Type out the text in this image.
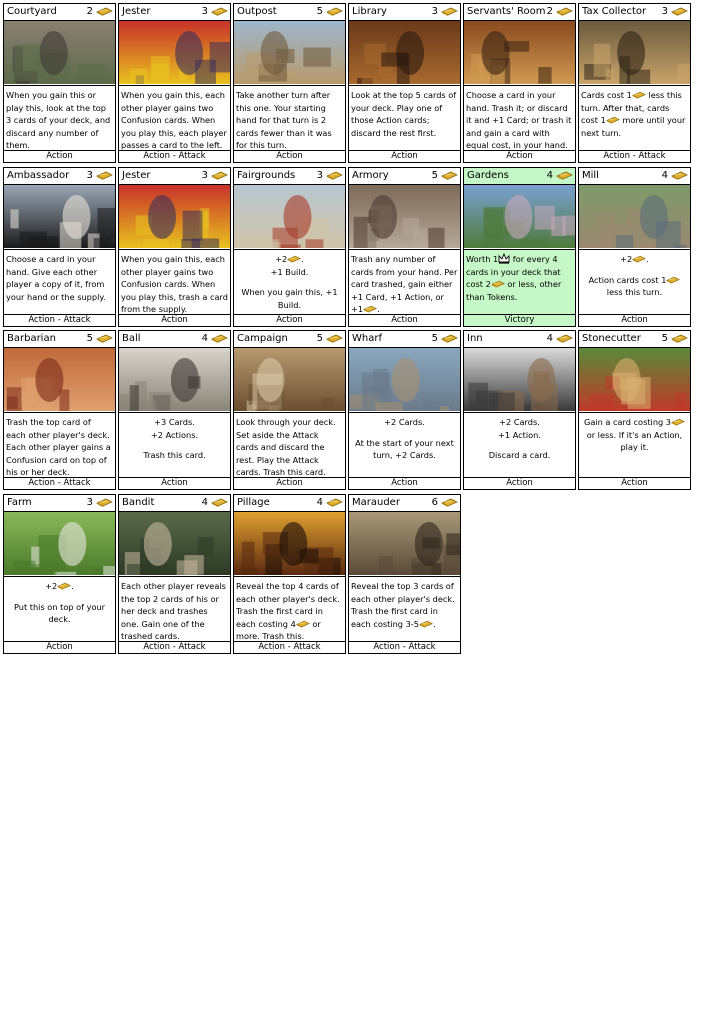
Courtyard	2

When you gain this or play this, look at the top 3 cards of your deck, and discard any number of them.

Action
Jester	3

When you gain this, each other player gains two Confusion cards. When you play this, each player passes a card to the left.

Action - Attack
Outpost	5

Take another turn after this one. Your starting hand for that turn is 2 cards fewer than it was for this turn.

Action
Library	3

Look at the top 5 cards of your deck. Play one of those Action cards; discard the rest first.

Action
Servants' Room 2

Choose a card in your hand. Trash it; or discard it and +1 Card; or trash it and gain a card with equal cost, in your hand.

Action
Tax Collector 3

Cards cost 1 less this turn. After that, cards cost 1 more until your next turn.

Action - Attack
Ambassador 3

Choose a card in your hand. Give each other player a copy of it, from your hand or the supply.

Action - Attack
Jester	3

When you gain this, each other player gains two Confusion cards. When you play this, trash a card from the supply.

Action
Fairgrounds 3

+2 .

+1 Build.

When you gain this, +1 Build.

Action
Armory	5

Trash any number of cards from your hand. Per card trashed, gain either +1 Card, +1 Action, or +1 .

Action
Gardens	4

Worth 1 for every 4 cards in your deck that cost 2 or less, other than Tokens.

Victory
Mill	4

+2 .

Action cards cost 1 less this turn.

Action
Barbarian	5

Trash the top card of each other player's deck. Each other player gains a Confusion card on top of his or her deck.

Action - Attack
Ball	4

+3 Cards.

+2 Actions.

Trash this card.

Action
Campaign	5

Look through your deck. Set aside the Attack cards and discard the rest. Play the Attack cards. Trash this card.

Action
Wharf	5

+2 Cards.

At the start of your next turn, +2 Cards.

Action
Inn	4

+2 Cards.

+1 Action.

Discard a card.

Action
Stonecutter 5

Gain a card costing 3 or less. If it's an Action, play it.

Action
Farm	3

+2 .

Put this on top of your deck.

Action
Bandit	4

Each other player reveals the top 2 cards of his or her deck and trashes one. Gain one of the trashed cards.

Action - Attack
Pillage	4

Reveal the top 4 cards of each other player's deck. Trash the first card in each costing 4 or more. Trash this.

Action - Attack
Marauder	6

Reveal the top 3 cards of each other player's deck. Trash the first card in each costing 3-5 .

Action - Attack
